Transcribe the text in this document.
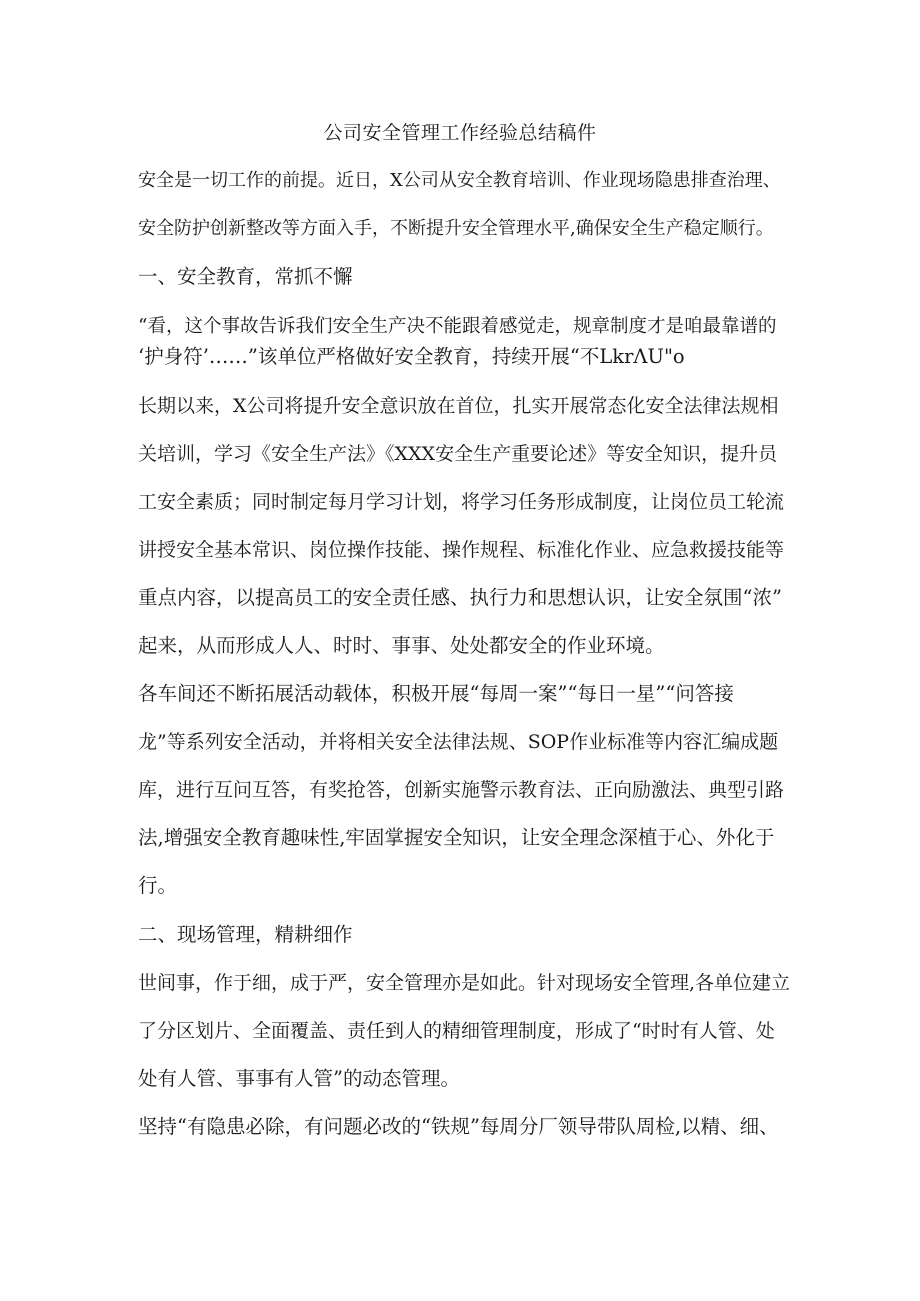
公司安全管理工作经验总结稿件
安全是一切工作的前提。近日，X公司从安全教育培训、作业现场隐患排查治理、
安全防护创新整改等方面入手，不断提升安全管理水平,确保安全生产稳定顺行。
一、安全教育，常抓不懈
“看，这个事故告诉我们安全生产决不能跟着感觉走，规章制度才是咱最靠谱的
‘护身符’……”该单位严格做好安全教育，持续开展“不LkrΛU"o
长期以来，X公司将提升安全意识放在首位，扎实开展常态化安全法律法规相
关培训，学习《安全生产法》《XXX安全生产重要论述》等安全知识，提升员
工安全素质；同时制定每月学习计划，将学习任务形成制度，让岗位员工轮流
讲授安全基本常识、岗位操作技能、操作规程、标准化作业、应急救援技能等
重点内容，以提高员工的安全责任感、执行力和思想认识，让安全氛围“浓”
起来，从而形成人人、时时、事事、处处都安全的作业环境。
各车间还不断拓展活动载体，积极开展“每周一案”“每日一星”“问答接
龙”等系列安全活动，并将相关安全法律法规、SOP作业标准等内容汇编成题
库，进行互问互答，有奖抢答，创新实施警示教育法、正向励激法、典型引路
法,增强安全教育趣味性,牢固掌握安全知识，让安全理念深植于心、外化于
行。
二、现场管理，精耕细作
世间事，作于细，成于严，安全管理亦是如此。针对现场安全管理,各单位建立
了分区划片、全面覆盖、责任到人的精细管理制度，形成了“时时有人管、处
处有人管、事事有人管”的动态管理。
坚持“有隐患必除，有问题必改的“铁规”每周分厂领导带队周检,以精、细、
